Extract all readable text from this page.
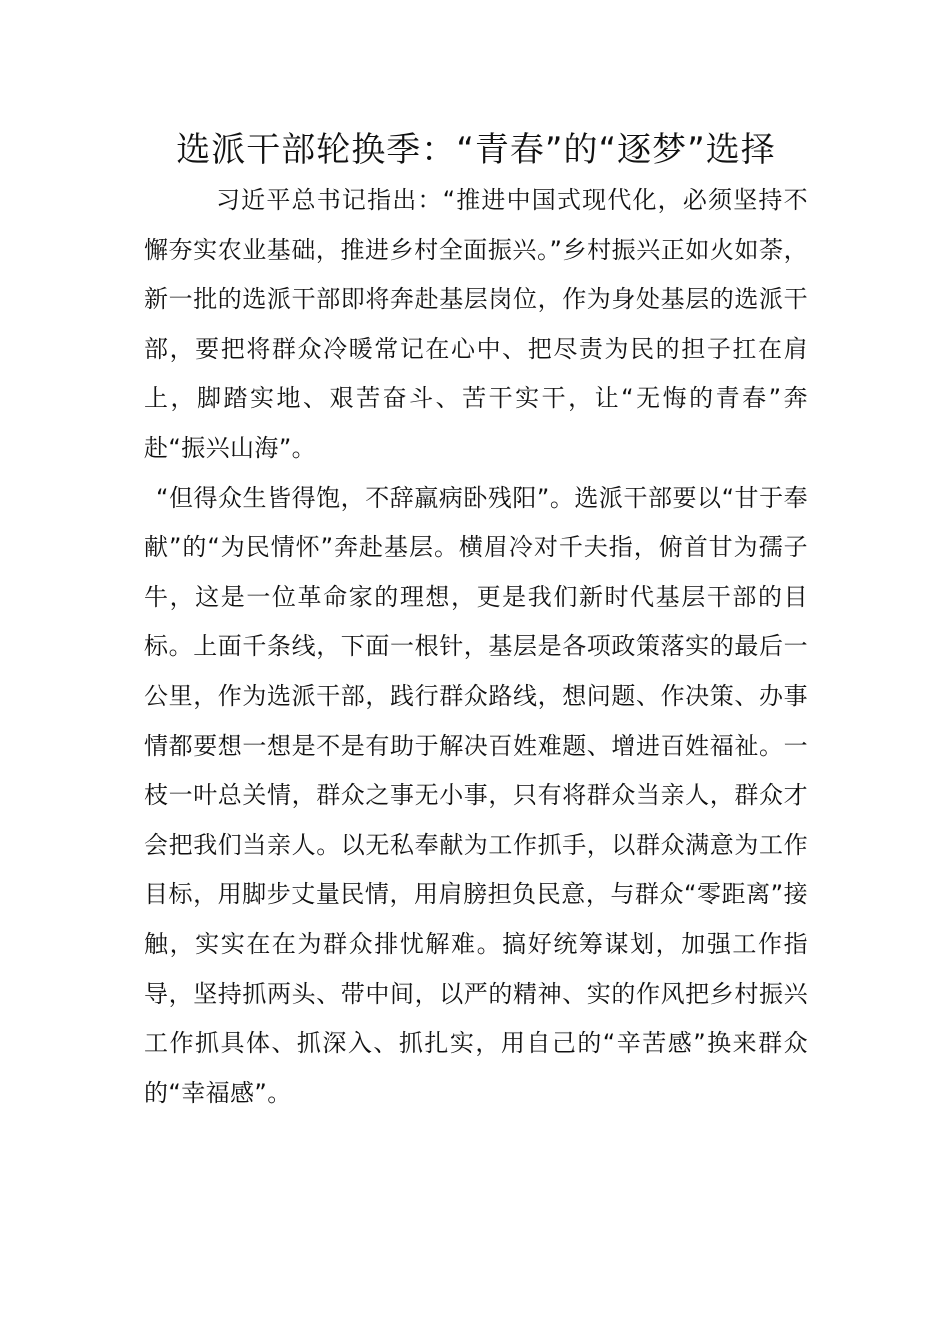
选派干部轮换季：“青春”的“逐梦”选择

习近平总书记指出：“推进中国式现代化，必须坚持不懈夯实农业基础，推进乡村全面振兴。”乡村振兴正如火如荼，新一批的选派干部即将奔赴基层岗位，作为身处基层的选派干部，要把将群众冷暖常记在心中、把尽责为民的担子扛在肩上，脚踏实地、艰苦奋斗、苦干实干，让“无悔的青春”奔赴“振兴山海”。

“但得众生皆得饱，不辞羸病卧残阳”。选派干部要以“甘于奉献”的“为民情怀”奔赴基层。横眉冷对千夫指，俯首甘为孺子牛，这是一位革命家的理想，更是我们新时代基层干部的目标。上面千条线，下面一根针，基层是各项政策落实的最后一公里，作为选派干部，践行群众路线，想问题、作决策、办事情都要想一想是不是有助于解决百姓难题、增进百姓福祉。一枝一叶总关情，群众之事无小事，只有将群众当亲人，群众才会把我们当亲人。以无私奉献为工作抓手，以群众满意为工作目标，用脚步丈量民情，用肩膀担负民意，与群众“零距离”接触，实实在在为群众排忧解难。搞好统筹谋划，加强工作指导，坚持抓两头、带中间，以严的精神、实的作风把乡村振兴工作抓具体、抓深入、抓扎实，用自己的“辛苦感”换来群众的“幸福感”。
